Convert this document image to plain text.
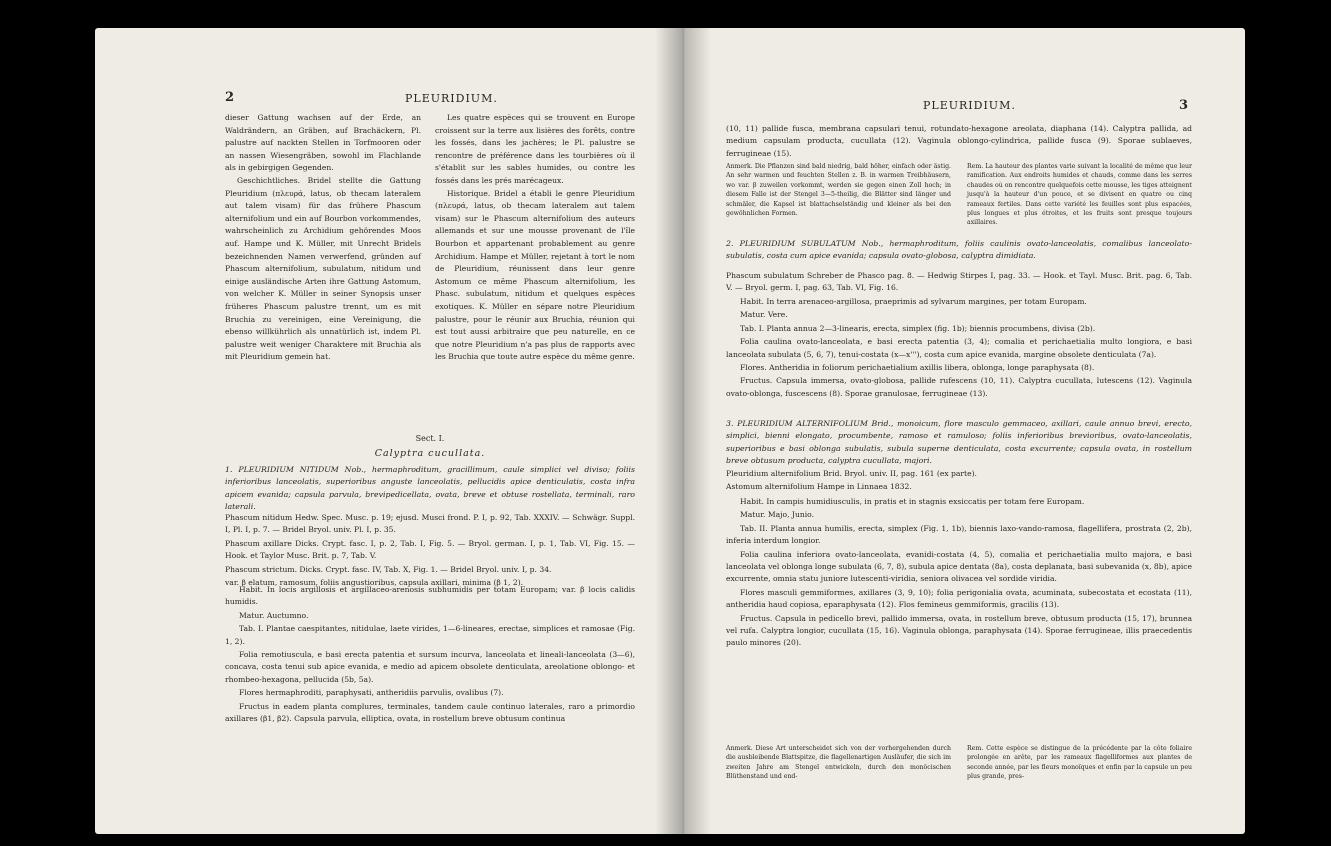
2	PLEURIDIUM.

dieser Gattung wachsen auf der Erde, an Waldrändern, an Gräben, auf Brachäckern, Pl. palustre auf nackten Stellen in Torfmooren oder an nassen Wiesengräben, sowohl im Flachlande als in gebirgigen Gegenden.

Geschichtliches. Bridel stellte die Gattung Pleuridium (πλευρά, latus, ob thecam lateralem aut talem visam) für das frühere Phascum alternifolium und ein auf Bourbon vorkommendes, wahrscheinlich zu Archidium gehörendes Moos auf. Hampe und K. Müller, mit Unrecht Bridels bezeichnenden Namen verwerfend, gründen auf Phascum alternifolium, subulatum, nitidum und einige ausländische Arten ihre Gattung Astomum, von welcher K. Müller in seiner Synopsis unser früheres Phascum palustre trennt, um es mit Bruchia zu vereinigen, eine Vereinigung, die ebenso willkührlich als unnatürlich ist, indem Pl. palustre weit weniger Charaktere mit Bruchia als mit Pleuridium gemein hat.

Les quatre espèces qui se trouvent en Europe croissent sur la terre aux lisières des forêts, contre les fossés, dans les jachères; le Pl. palustre se rencontre de préférence dans les tourbières où il s'établit sur les sables humides, ou contre les fossés dans les prés marécageux.

Historique. Bridel a établi le genre Pleuridium (πλευρά, latus, ob thecam lateralem aut talem visam) sur le Phascum alternifolium des auteurs allemands et sur une mousse provenant de l'île Bourbon et appartenant probablement au genre Archidium. Hampe et Müller, rejetant à tort le nom de Pleuridium, réunissent dans leur genre Astomum ce même Phascum alternifolium, les Phasc. subulatum, nitidum et quelques espèces exotiques. K. Müller en sépare notre Pleuridium palustre, pour le réunir aux Bruchia, réunion qui est tout aussi arbitraire que peu naturelle, en ce que notre Pleuridium n'a pas plus de rapports avec les Bruchia que toute autre espèce du même genre.

Sect. I.
Calyptra cucullata.

1. PLEURIDIUM NITIDUM Nob., hermaphroditum, gracillimum, caule simplici vel diviso; foliis inferioribus lanceolatis, superioribus anguste lanceolatis, pellucidis apice denticulatis, costa infra apicem evanida; capsula parvula, brevipedicellata, ovata, breve et obtuse rostellata, terminali, raro laterali.

Phascum nitidum Hedw. Spec. Musc. p. 19; ejusd. Musci frond. P. I, p. 92, Tab. XXXIV. — Schwägr. Suppl. I, Pl. I, p. 7. — Bridel Bryol. univ. Pl. I, p. 35.

Phascum axillare Dicks. Crypt. fasc. I, p. 2, Tab. I, Fig. 5. — Bryol. german. I, p. 1, Tab. VI, Fig. 15. — Hook. et Taylor Musc. Brit. p. 7, Tab. V.

Phascum strictum. Dicks. Crypt. fasc. IV, Tab. X, Fig. 1. — Bridel Bryol. univ. I, p. 34.

var. β elatum, ramosum, foliis angustioribus, capsula axillari, minima (β 1, 2).

Habit. In locis argillosis et argillaceo-arenosis subhumidis per totam Europam; var. β locis calidis humidis.

Matur. Auctumno.

Tab. I. Plantae caespitantes, nitidulae, laete virides, 1—6-lineares, erectae, simplices et ramosae (Fig. 1, 2).

Folia remotiuscula, e basi erecta patentia et sursum incurva, lanceolata et lineali-lanceolata (3—6), concava, costa tenui sub apice evanida, e medio ad apicem obsolete denticulata, areolatione oblongo- et rhombeo-hexagona, pellucida (5b, 5a).

Flores hermaphroditi, paraphysati, antheridiis parvulis, ovalibus (7).

Fructus in eadem planta complures, terminales, tandem caule continuo laterales, raro a primordio axillares (β1, β2). Capsula parvula, elliptica, ovata, in rostellum breve obtusum continua

PLEURIDIUM.	3

(10, 11) pallide fusca, membrana capsulari tenui, rotundato-hexagone areolata, diaphana (14). Calyptra pallida, ad medium capsulam producta, cucullata (12). Vaginula oblongo-cylindrica, pallide fusca (9). Sporae sublaeves, ferrugineae (15).

Anmerk. Die Pflanzen sind bald niedrig, bald höher, einfach oder ästig. An sehr warmen und feuchten Stellen z. B. in warmen Treibhäusern, wo var. β zuweilen vorkommt, werden sie gegen einen Zoll hoch; in diesem Falle ist der Stengel 3—5-theilig, die Blätter sind länger und schmäler, die Kapsel ist blattachselständig und kleiner als bei den gewöhnlichen Formen.
Rem. La hauteur des plantes varie suivant la localité de même que leur ramification. Aux endroits humides et chauds, comme dans les serres chaudes où on rencontre quelquefois cette mousse, les tiges atteignent jusqu'à la hauteur d'un pouce, et se divisent en quatre ou cinq rameaux fertiles. Dans cette variété les feuilles sont plus espacées, plus longues et plus étroites, et les fruits sont presque toujours axillaires.

2. PLEURIDIUM SUBULATUM Nob., hermaphroditum, foliis caulinis ovato-lanceolatis, comalibus lanceolato-subulatis, costa cum apice evanida; capsula ovato-globosa, calyptra dimidiata.

Phascum subulatum Schreber de Phasco pag. 8. — Hedwig Stirpes I, pag. 33. — Hook. et Tayl. Musc. Brit. pag. 6, Tab. V. — Bryol. germ. I, pag. 63, Tab. VI, Fig. 16.

Habit. In terra arenaceo-argillosa, praeprimis ad sylvarum margines, per totam Europam.

Matur. Vere.

Tab. I. Planta annua 2—3-linearis, erecta, simplex (fig. 1b); biennis procumbens, divisa (2b).

Folia caulina ovato-lanceolata, e basi erecta patentia (3, 4); comalia et perichaetialia multo longiora, e basi lanceolata subulata (5, 6, 7), tenui-costata (x—x'''), costa cum apice evanida, margine obsolete denticulata (7a).

Flores. Antheridia in foliorum perichaetialium axillis libera, oblonga, longe paraphysata (8).

Fructus. Capsula immersa, ovato-globosa, pallide rufescens (10, 11). Calyptra cucullata, lutescens (12). Vaginula ovato-oblonga, fuscescens (8). Sporae granulosae, ferrugineae (13).

3. PLEURIDIUM ALTERNIFOLIUM Brid., monoicum, flore masculo gemmaceo, axillari, caule annuo brevi, erecto, simplici, bienni elongato, procumbente, ramoso et ramuloso; foliis inferioribus brevioribus, ovato-lanceolatis, superioribus e basi oblonga subulatis, subula superne denticulata, costa excurrente; capsula ovata, in rostellum breve obtusum producta, calyptra cucullata, majori.

Pleuridium alternifolium Brid. Bryol. univ. II, pag. 161 (ex parte).

Astomum alternifolium Hampe in Linnaea 1832.

Habit. In campis humidiusculis, in pratis et in stagnis exsiccatis per totam fere Europam.

Matur. Majo, Junio.

Tab. II. Planta annua humilis, erecta, simplex (Fig. 1, 1b), biennis laxo-vando-ramosa, flagellifera, prostrata (2, 2b), inferia interdum longior.

Folia caulina inferiora ovato-lanceolata, evanidi-costata (4, 5), comalia et perichaetialia multo majora, e basi lanceolata vel oblonga longe subulata (6, 7, 8), subula apice dentata (8a), costa deplanata, basi subevanida (x, 8b), apice excurrente, omnia statu juniore lutescenti-viridia, seniora olivacea vel sordide viridia.

Flores masculi gemmiformes, axillares (3, 9, 10); folia perigonialia ovata, acuminata, subecostata et ecostata (11), antheridia haud copiosa, eparaphysata (12). Flos femineus gemmiformis, gracilis (13).

Fructus. Capsula in pedicello brevi, pallido immersa, ovata, in rostellum breve, obtusum producta (15, 17), brunnea vel rufa. Calyptra longior, cucullata (15, 16). Vaginula oblonga, paraphysata (14). Sporae ferrugineae, illis praecedentis paulo minores (20).

Anmerk. Diese Art unterscheidet sich von der vorhergehenden durch die ausbleibende Blattspitze, die flagellenartigen Ausläufer, die sich im zweiten Jahre am Stengel entwickeln, durch den monöcischen Blüthenstand und end-
Rem. Cette espèce se distingue de la précédente par la côte foliaire prolongée en arête, par les rameaux flagelliformes aux plantes de seconde année, par les fleurs monoïques et enfin par la capsule un peu plus grande, pres-
